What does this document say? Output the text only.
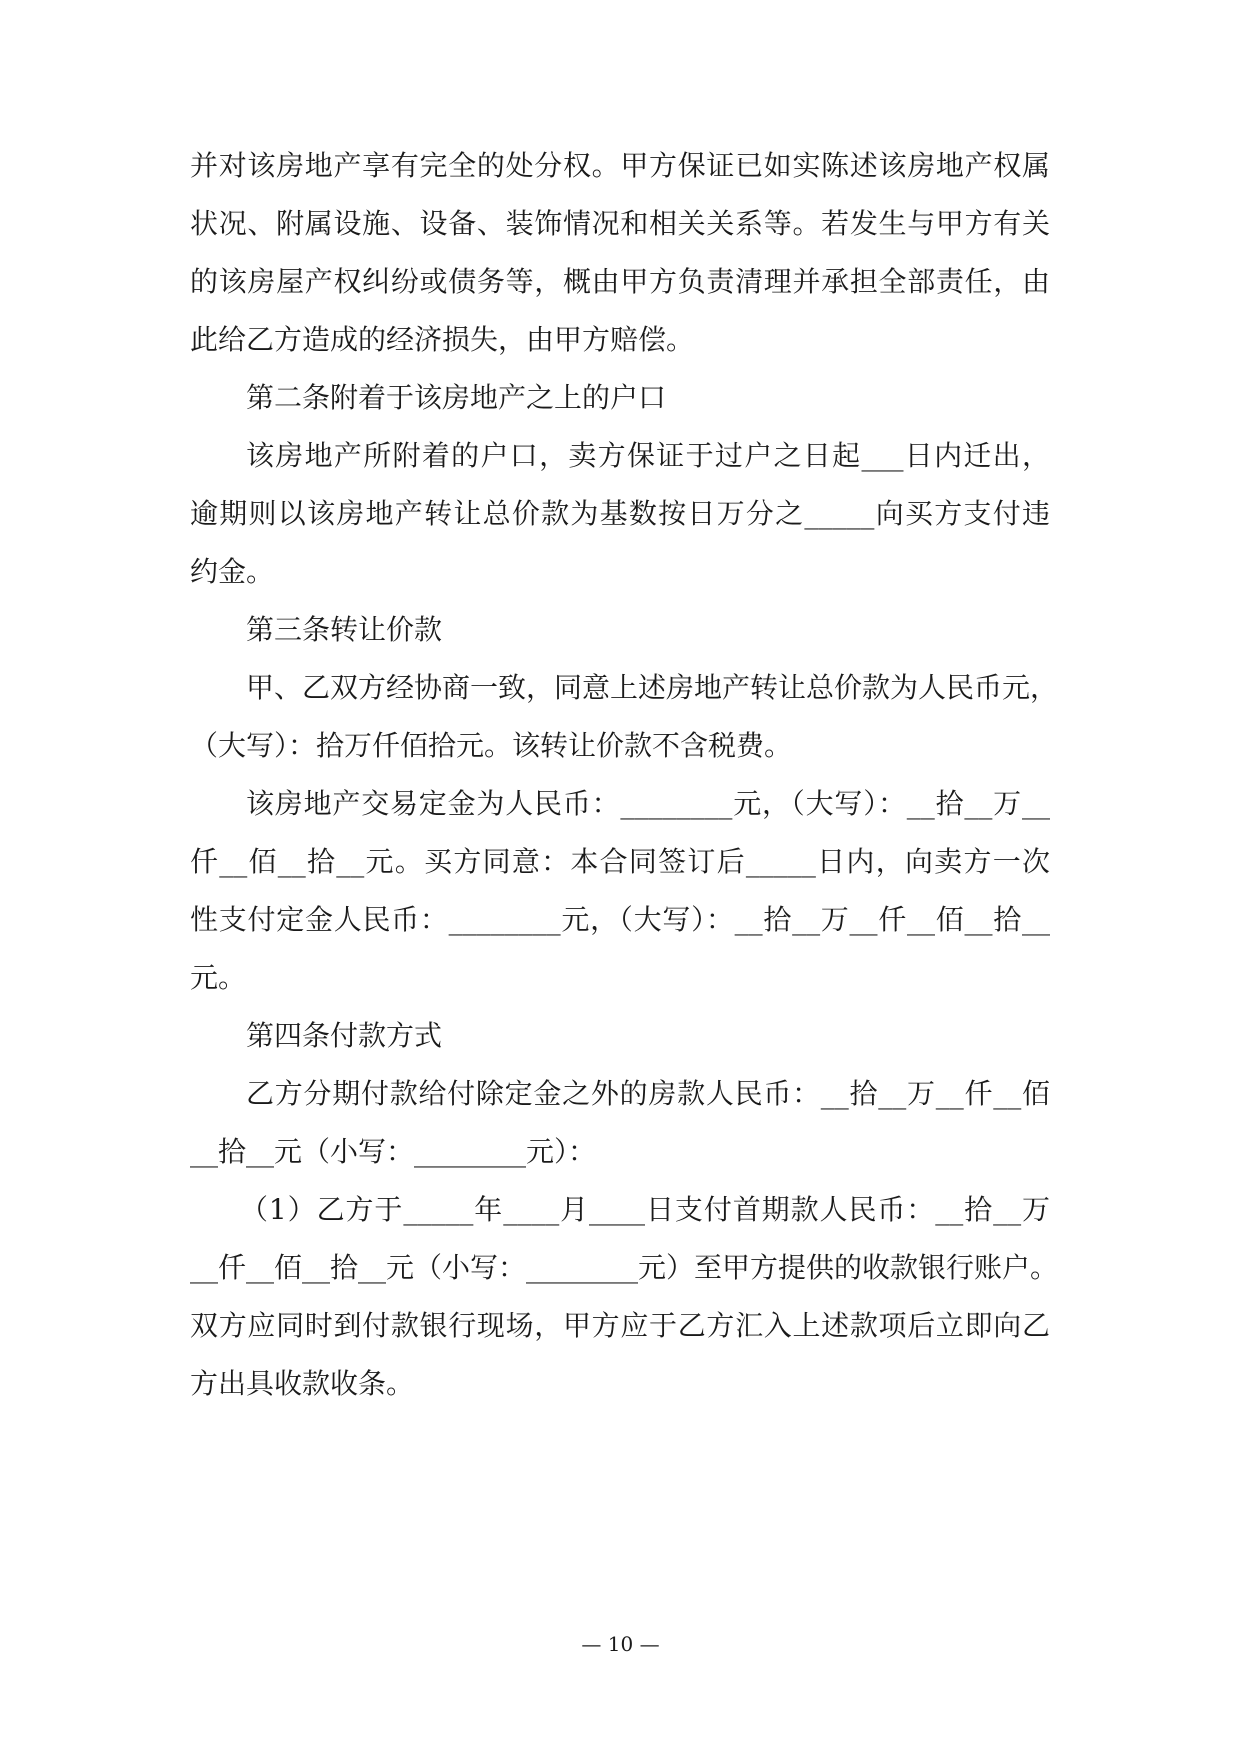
并对该房地产享有完全的处分权。甲方保证已如实陈述该房地产权属
状况、附属设施、设备、装饰情况和相关关系等。若发生与甲方有关
的该房屋产权纠纷或债务等，概由甲方负责清理并承担全部责任，由
此给乙方造成的经济损失，由甲方赔偿。
第二条附着于该房地产之上的户口
该房地产所附着的户口，卖方保证于过户之日起___日内迁出，
逾期则以该房地产转让总价款为基数按日万分之_____向买方支付违
约金。
第三条转让价款
甲、乙双方经协商一致，同意上述房地产转让总价款为人民币元，
（大写）：拾万仟佰拾元。该转让价款不含税费。
该房地产交易定金为人民币：________元，（大写）：__拾__万__
仟__佰__拾__元。买方同意：本合同签订后_____日内，向卖方一次
性支付定金人民币：________元，（大写）：__拾__万__仟__佰__拾__
元。
第四条付款方式
乙方分期付款给付除定金之外的房款人民币：__拾__万__仟__佰
__拾__元（小写：________元）：
（1）乙方于_____年____月____日支付首期款人民币：__拾__万
__仟__佰__拾__元（小写：________元）至甲方提供的收款银行账户。
双方应同时到付款银行现场，甲方应于乙方汇入上述款项后立即向乙
方出具收款收条。
— 10 —
